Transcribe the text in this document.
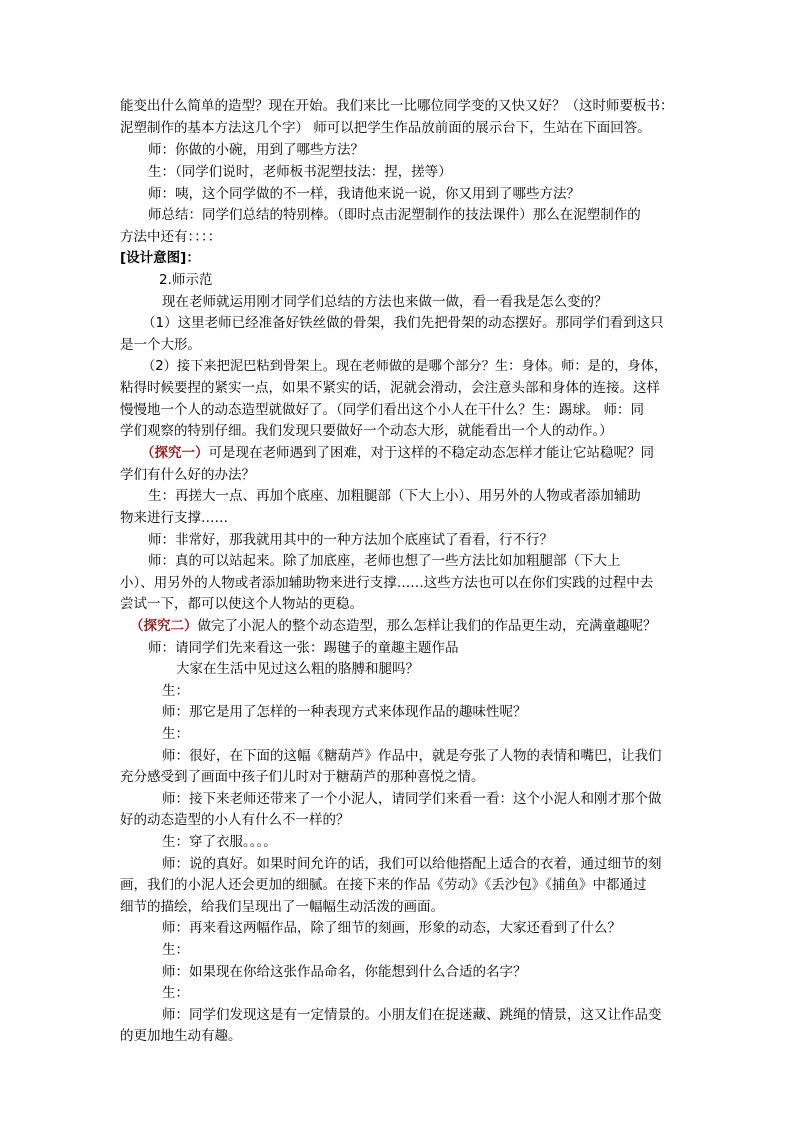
能变出什么简单的造型？现在开始。我们来比一比哪位同学变的又快又好？（这时师要板书：
泥塑制作的基本方法这几个字） 师可以把学生作品放前面的展示台下，生站在下面回答。
师：你做的小碗，用到了哪些方法？
生：（同学们说时，老师板书泥塑技法：捏，搓等）
师：咦，这个同学做的不一样，我请他来说一说，你又用到了哪些方法？
师总结：同学们总结的特别棒。（即时点击泥塑制作的技法课件）那么在泥塑制作的
方法中还有：：：：
[设计意图]：
2.师示范
现在老师就运用刚才同学们总结的方法也来做一做，看一看我是怎么变的？
（1）这里老师已经准备好铁丝做的骨架，我们先把骨架的动态摆好。那同学们看到这只
是一个大形。
（2）接下来把泥巴粘到骨架上。现在老师做的是哪个部分？生：身体。师：是的，身体，
粘得时候要捏的紧实一点，如果不紧实的话，泥就会滑动，会注意头部和身体的连接。这样
慢慢地一个人的动态造型就做好了。（同学们看出这个小人在干什么？生：踢球。 师：同
学们观察的特别仔细。我们发现只要做好一个动态大形，就能看出一个人的动作。）
（探究一）可是现在老师遇到了困难，对于这样的不稳定动态怎样才能让它站稳呢？同
学们有什么好的办法？
生：再搓大一点、再加个底座、加粗腿部（下大上小）、用另外的人物或者添加辅助
物来进行支撑……
师：非常好，那我就用其中的一种方法加个底座试了看看，行不行？
师：真的可以站起来。除了加底座，老师也想了一些方法比如加粗腿部（下大上
小）、用另外的人物或者添加辅助物来进行支撑……这些方法也可以在你们实践的过程中去
尝试一下，都可以使这个人物站的更稳。
（探究二）做完了小泥人的整个动态造型，那么怎样让我们的作品更生动，充满童趣呢？
师：请同学们先来看这一张：踢毽子的童趣主题作品
大家在生活中见过这么粗的胳膊和腿吗？
生：
师：那它是用了怎样的一种表现方式来体现作品的趣味性呢？
生：
师：很好，在下面的这幅《糖葫芦》作品中，就是夸张了人物的表情和嘴巴，让我们
充分感受到了画面中孩子们儿时对于糖葫芦的那种喜悦之情。
师：接下来老师还带来了一个小泥人，请同学们来看一看：这个小泥人和刚才那个做
好的动态造型的小人有什么不一样的？
生：穿了衣服。。。。
师：说的真好。如果时间允许的话，我们可以给他搭配上适合的衣着，通过细节的刻
画，我们的小泥人还会更加的细腻。在接下来的作品《劳动》《丢沙包》《捕鱼》中都通过
细节的描绘，给我们呈现出了一幅幅生动活泼的画面。
师：再来看这两幅作品，除了细节的刻画，形象的动态，大家还看到了什么？
生：
师：如果现在你给这张作品命名，你能想到什么合适的名字？
生：
师：同学们发现这是有一定情景的。小朋友们在捉迷藏、跳绳的情景，这又让作品变
的更加地生动有趣。
